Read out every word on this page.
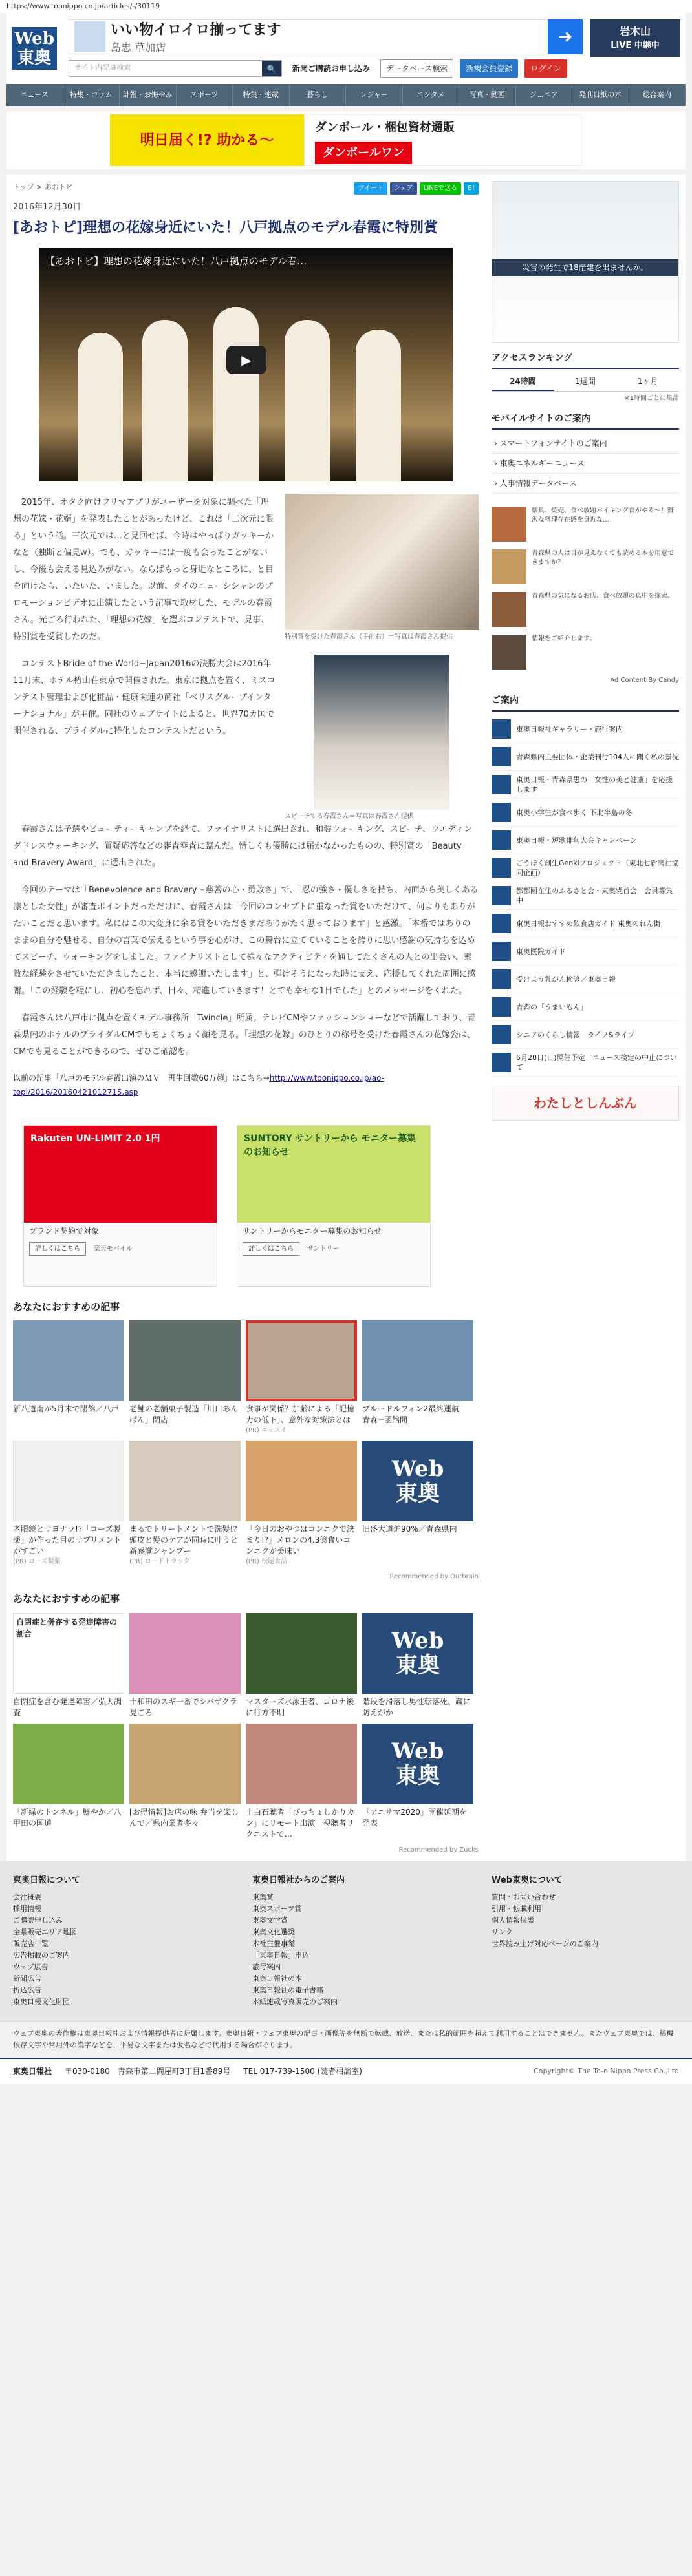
https://www.toonippo.co.jp/articles/-/30119
Web
東奥
いい物イロイロ揃ってます
島忠 草加店	➜	岩木山
LIVE 中継中
サイト内記事検索	🔍	新聞ご購読お申し込み	データベース検索	新規会員登録	ログイン
ニュース	特集・コラム	計報・お悔やみ	スポーツ	特集・連載	暮らし	レジャー	エンタメ	写真・動画	ジュニア	発刊日紙の本	総合案内
明日届く!? 助かる〜
ダンボール・梱包資材通販
ダンボールワン
トップ > あおトピ	ツイート	シェア	LINEで送る	B!
2016年12月30日
[あおトピ]理想の花嫁身近にいた！八戸拠点のモデル春霞に特別賞
【あおトピ】理想の花嫁身近にいた！八戸拠点のモデル春…
▶

2015年、オタク向けフリマアプリがユーザーを対象に調べた「理想の花嫁・花婿」を発表したことがあったけど、これは「二次元に限る」という話。三次元では…と見回せば、今時はやっぱりガッキーかなと（独断と偏見w）。でも、ガッキーには一度も会ったことがないし、今後も会える見込みがない。ならばもっと身近なところに、と目を向けたら、いたいた、いました。以前、タイのニューシシャンのプロモーションビデオに出演したという記事で取材した、モデルの春霞さん。光ごろ行われた、「理想の花嫁」を選ぶコンテストで、見事、特別賞を受賞したのだ。

コンテストBride of the World−Japan2016の決勝大会は2016年11月末、ホテル椿山荘東京で開催された。東京に拠点を置く、ミスコンテスト管理および化粧品・健康関連の商社「ベリスグループインターナショナル」が主催。同社のウェブサイトによると、世界70カ国で開催される、ブライダルに特化したコンテストだという。

特別賞を受けた春霞さん（手前右）＝写真は春霞さん提供
スピーチする春霞さん＝写真は春霞さん提供

春霞さんは予選やビューティーキャンプを経て、ファイナリストに選出され、和装ウォーキング、スピーチ、ウエディングドレスウォーキング、質疑応答などの審査審査に臨んだ。惜しくも優勝には届かなかったものの、特別賞の「Beauty and Bravery Award」に選出された。

今回のテーマは「Benevolence and Bravery〜慈善の心・勇敢さ」で、「忍の強さ・優しさを持ち、内面から美しくある凛とした女性」が審査ポイントだっただけに、春霞さんは「今回のコンセプトに重なった賞をいただけて、何よりもありがたいことだと思います。私にはこの大変身に余る賞をいただきまだありがたく思っております」と感激。「本番ではありのままの自分を魅せる、自分の言葉で伝えるという事を心がけ、この舞台に立てていることを誇りに思い感謝の気持ちを込めてスピーチ、ウォーキングをしました。ファイナリストとして様々なアクティビティを通してたくさんの人との出会い、素敵な経験をさせていただきましたこと、本当に感謝いたします」と、弾けそうになった時に支え、応援してくれた周囲に感謝。「この経験を糧にし、初心を忘れず、日々、精進していきます！とても幸せな1日でした」とのメッセージをくれた。

春霞さんは八戸市に拠点を置くモデル事務所「Twincle」所属。テレビCMやファッションショーなどで活躍しており、青森県内のホテルのブライダルCMでもちょくちょく顔を見る。「理想の花嫁」のひとりの称号を受けた春霞さんの花嫁姿は、CMでも見ることができるので、ぜひご確認を。

以前の記事「八戸のモデル春霞出演のＭＶ　再生回数60万超」はこちら→http://www.toonippo.co.jp/ao-topi/2016/20160421012715.asp
Rakuten UN-LIMIT 2.0 1円
ブランド契約で対象
詳しくはこちら 楽天モバイル
SUNTORY サントリーから モニター募集のお知らせ
サントリーからモニター募集のお知らせ
詳しくはこちら サントリー
あなたにおすすめの記事
新八道南が5月末で閉館／八戸	老舗の老舗菓子製造「川口あんぱん」閉店
食事が関係？加齢による「記憶力の低下」、意外な対策法とは
(PR) ニッスイ
ブルードルフィン2最終運航　青森−函館間
老眼鏡とサヨナラ!?「ローズ製薬」が作った目のサプリメントがすごい
(PR) ローズ製薬
まるでトリートメントで洗髪!?頭皮と髪のケアが同時に叶うと新感覚シャンプー
(PR) ロードトラック
「今日のおやつはコンニクで決まり!?」メロンの4.3億食いコンニクが美味い
(PR) 松尾食品
Web
東奥
旧盛大道炉90%／青森県内
Recommended by Outbrain
あなたにおすすめの記事
自閉症と併存する発達障害の割合
自閉症を含む発達障害／弘大調査
十和田のスギ一番でシバザクラ見ごろ
マスターズ水泳王者、コロナ後に行方不明
Web
東奥
階段を滑落し男性転落死、蔵に防えがか
「新緑のトンネル」鮮やか／八甲田の国道
[お得情報]お店の味 弁当を楽しんで／県内業者多々
土白石聴者「びっちょしかりカン」にリモート出演　視聴者リクエストで…
Web
東奥
「アニサマ2020」開催延期を発表
Recommended by Zucks
災害の発生で18階建を出ませんか。
アクセスランキング
24時間	1週間	1ヶ月
※1時間ごとに集計
モバイルサイトのご案内
› スマートフォンサイトのご案内
› 東奥エネルギーニュース
› 人事情報データベース
懐具、焼売、食べ放題バイキング食がやる〜！贅沢な料理存在感を身近な…
青森県の人は目が見えなくても読める本を用意できますか？
青森県の気になるお店、食べ放題の真中を探索。
情報をご紹介します。
Ad Content By Candy
ご案内
東奥日報社ギャラリー・旅行案内
青森県内主要団体・企業刊行104人に聞く私の景況
東奥日報・青森県患の「女性の美と健康」を応援します
東奥小学生が食べ歩く 下北半島の冬
東奥日報・短歌俳句大会キャンペーン
ごうほく創生Genkiプロジェクト（東北七新聞社協同企画）
都都園在住のふるさと会・東奥党首会　会員募集中
東奥日報おすすめ飲食店ガイド 東奥のれん街
東奥医院ガイド
受けよう乳がん検診／東奥日報
青森の「うまいもん」
シニアのくらし情報　ライフ&ライブ
6月28日(日)開催予定　ニュース検定の中止について
わたしとしんぶん
東奥日報について
会社概要
採用情報
ご購読申し込み
全県販売エリア地図
販売店一覧
広告掲載のご案内
ウェブ広告
新聞広告
折込広告
東奥日報文化財団
東奥日報社からのご案内
東奥賞
東奥スポーツ賞
東奥文学賞
東奥文化選奨
本社主催事業
「東奥日報」申込
旅行案内
東奥日報社の本
東奥日報社の電子書籍
本紙連載写真販売のご案内
Web東奥について
質問・お問い合わせ
引用・転載利用
個人情報保護
リンク
世界読み上げ対応ページのご案内
ウェブ東奥の著作権は東奥日報社および情報提供者に帰属します。東奥日報・ウェブ東奥の記事・画像等を無断で転載、放送、または私的範囲を超えて利用することはできません。またウェブ東奥では、稀機依存文字や常用外の漢字などを、平易な文字または仮名などで代用する場合があります。
東奥日報社 〒030-0180　青森市第二問屋町3丁目1番89号 TEL 017-739-1500 (読者相談室)	Copyright© The To-o Nippo Press Co.,Ltd
